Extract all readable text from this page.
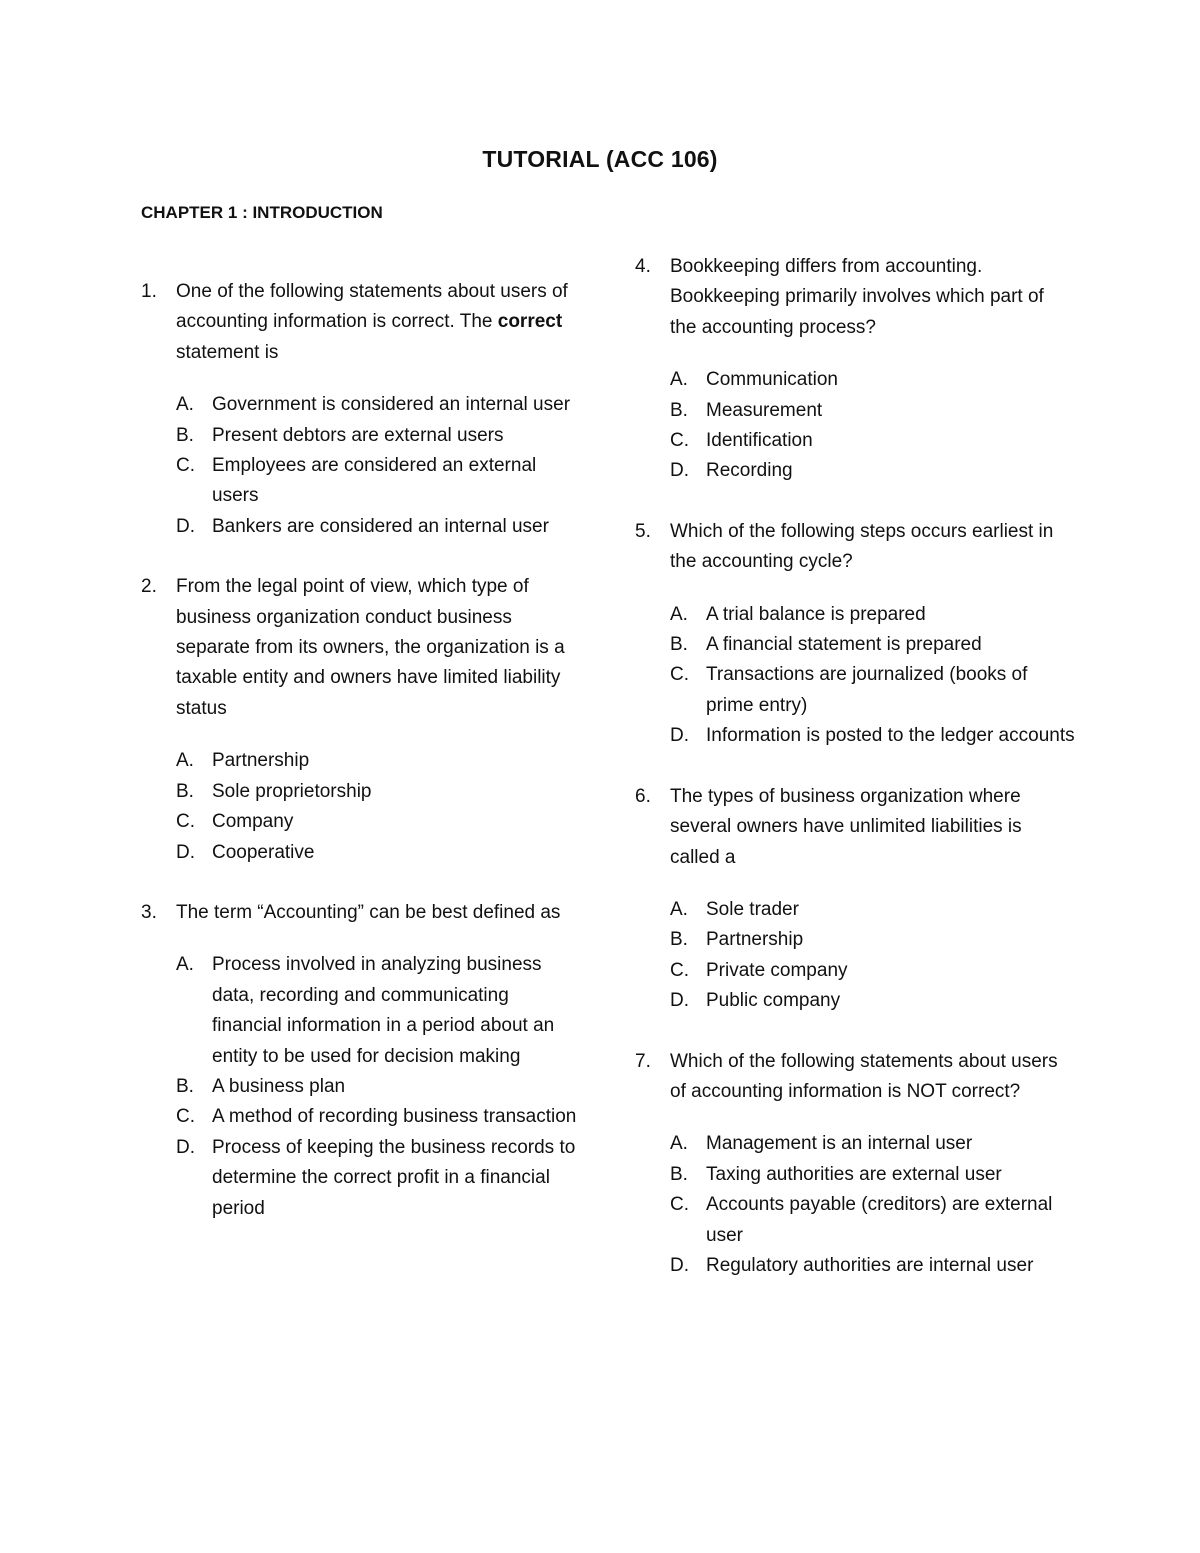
TUTORIAL (ACC 106)
CHAPTER 1 : INTRODUCTION
1. One of the following statements about users of accounting information is correct. The correct statement is
A. Government is considered an internal user
B. Present debtors are external users
C. Employees are considered an external users
D. Bankers are considered an internal user
2. From the legal point of view, which type of business organization conduct business separate from its owners, the organization is a taxable entity and owners have limited liability status
A. Partnership
B. Sole proprietorship
C. Company
D. Cooperative
3. The term “Accounting” can be best defined as
A. Process involved in analyzing business data, recording and communicating financial information in a period about an entity to be used for decision making
B. A business plan
C. A method of recording business transaction
D. Process of keeping the business records to determine the correct profit in a financial period
4. Bookkeeping differs from accounting. Bookkeeping primarily involves which part of the accounting process?
A. Communication
B. Measurement
C. Identification
D. Recording
5. Which of the following steps occurs earliest in the accounting cycle?
A. A trial balance is prepared
B. A financial statement is prepared
C. Transactions are journalized (books of prime entry)
D. Information is posted to the ledger accounts
6. The types of business organization where several owners have unlimited liabilities is called a
A. Sole trader
B. Partnership
C. Private company
D. Public company
7. Which of the following statements about users of accounting information is NOT correct?
A. Management is an internal user
B. Taxing authorities are external user
C. Accounts payable (creditors) are external user
D. Regulatory authorities are internal user
